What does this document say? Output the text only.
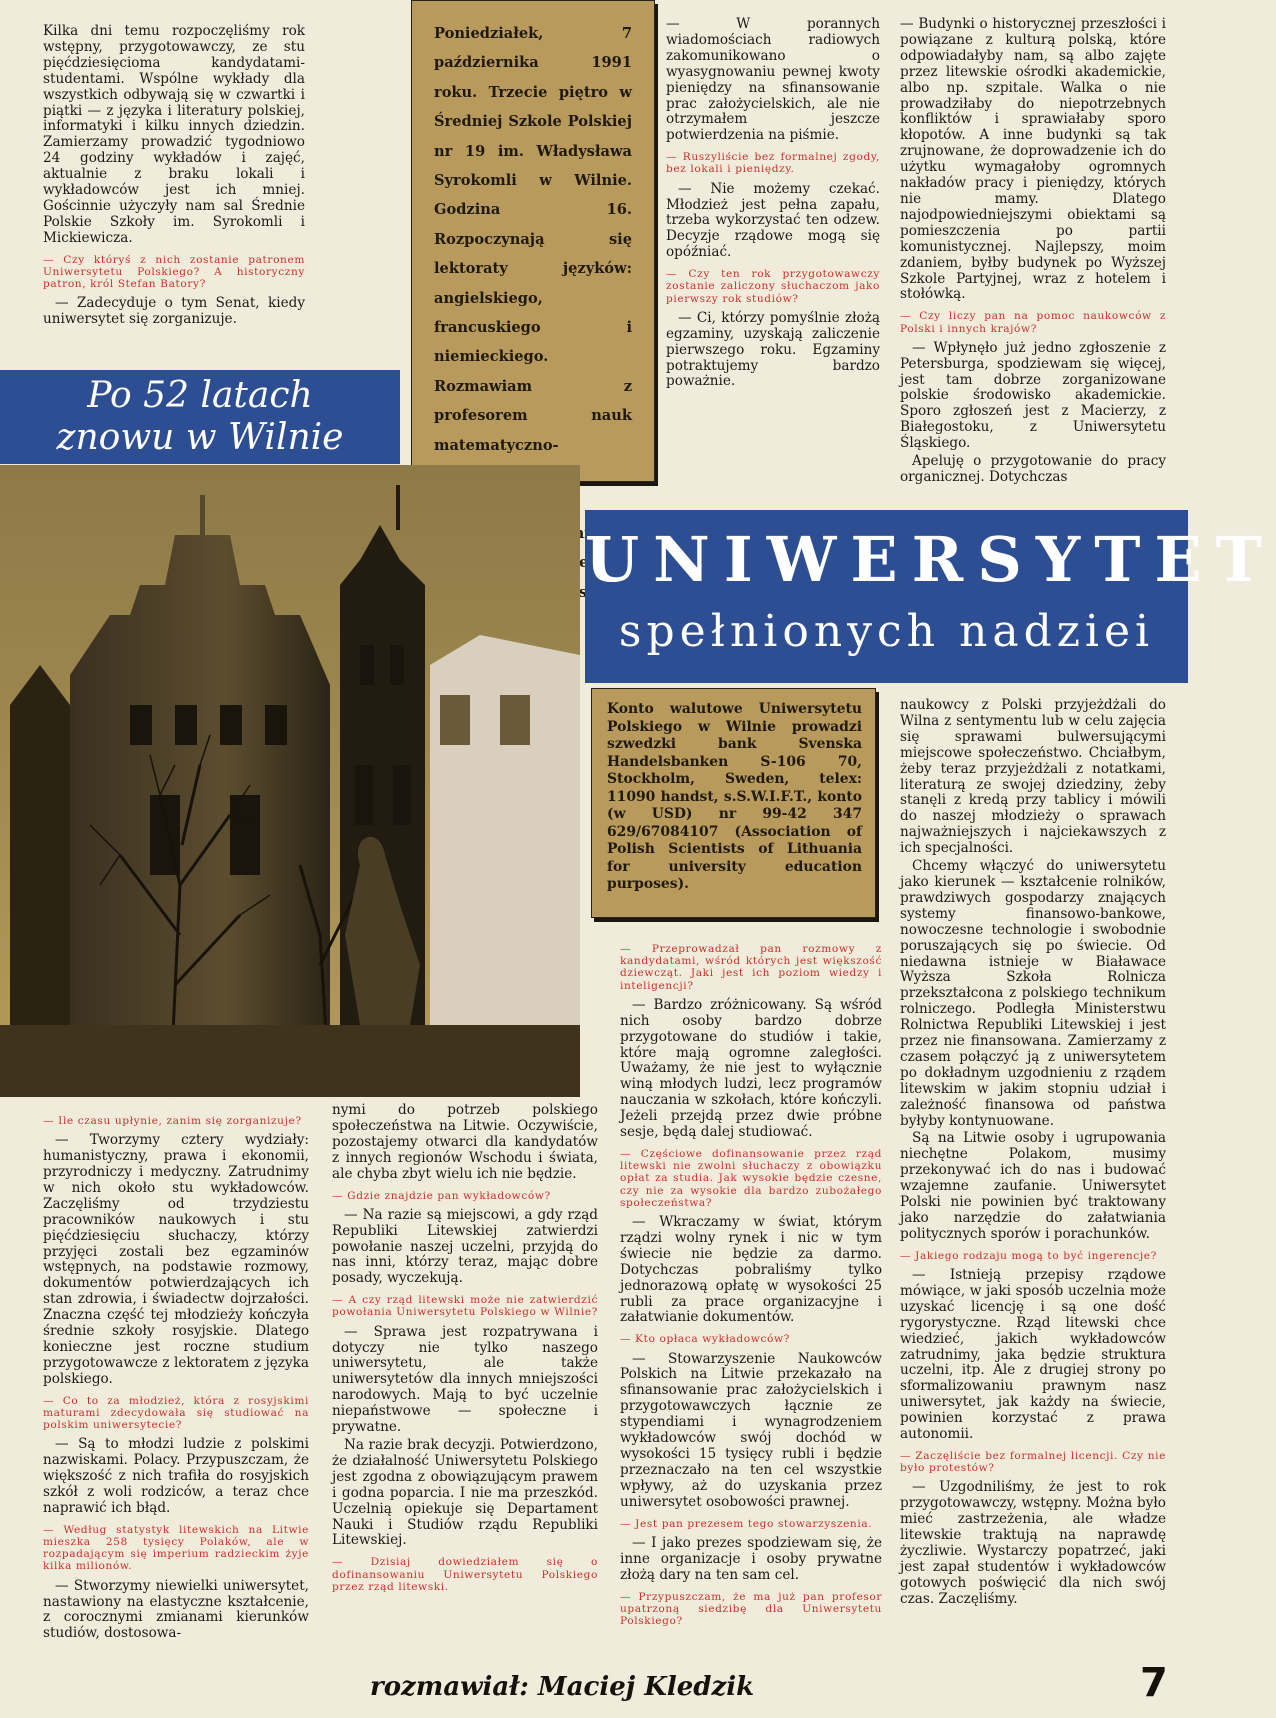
Kilka dni temu rozpoczęliśmy rok wstępny, przygotowawczy, ze stu pięćdziesięcioma kandydatami-studentami. Wspólne wykłady dla wszystkich odbywają się w czwartki i piątki — z języka i literatury polskiej, informatyki i kilku innych dziedzin. Zamierzamy prowadzić tygodniowo 24 godziny wykładów i zajęć, aktualnie z braku lokali i wykładowców jest ich mniej. Gościnnie użyczyły nam sal Średnie Polskie Szkoły im. Syrokomli i Mickiewicza.

— Czy któryś z nich zostanie patronem Uniwersytetu Polskiego? A historyczny patron, król Stefan Batory?

— Zadecyduje o tym Senat, kiedy uniwersytet się zorganizuje.

Po 52 latach
znowu w Wilnie
Poniedziałek, 7 października 1991 roku. Trzecie piętro w Średniej Szkole Polskiej nr 19 im. Władysława Syrokomli w Wilnie. Godzina 16. Rozpoczynają się lektoraty języków: angielskiego, francuskiego i niemieckiego. Rozmawiam z profesorem nauk matematyczno-

— W porannych wiadomościach radiowych zakomunikowano o wyasygnowaniu pewnej kwoty pieniędzy na sfinansowanie prac założycielskich, ale nie otrzymałem jeszcze potwierdzenia na piśmie.

— Ruszyliście bez formalnej zgody, bez lokali i pieniędzy.

— Nie możemy czekać. Młodzież jest pełna zapału, trzeba wykorzystać ten odzew. Decyzje rządowe mogą się opóźniać.

— Czy ten rok przygotowawczy zostanie zaliczony słuchaczom jako pierwszy rok studiów?

— Ci, którzy pomyślnie złożą egzaminy, uzyskają zaliczenie pierwszego roku. Egzaminy potraktujemy bardzo poważnie.

— Budynki o historycznej przeszłości i powiązane z kulturą polską, które odpowiadałyby nam, są albo zajęte przez litewskie ośrodki akademickie, albo np. szpitale. Walka o nie prowadziłaby do niepotrzebnych konfliktów i sprawiałaby sporo kłopotów. A inne budynki są tak zrujnowane, że doprowadzenie ich do użytku wymagałoby ogromnych nakładów pracy i pieniędzy, których nie mamy. Dlatego najodpowiedniejszymi obiektami są pomieszczenia po partii komunistycznej. Najlepszy, moim zdaniem, byłby budynek po Wyższej Szkole Partyjnej, wraz z hotelem i stołówką.

— Czy liczy pan na pomoc naukowców z Polski i innych krajów?

— Wpłynęło już jedno zgłoszenie z Petersburga, spodziewam się więcej, jest tam dobrze zorganizowane polskie środowisko akademickie. Sporo zgłoszeń jest z Macierzy, z Białegostoku, z Uniwersytetu Śląskiego.

Apeluję o przygotowanie do pracy organicznej. Dotychczas

UNIWERSYTET
spełnionych nadziei
Konto walutowe Uniwersytetu Polskiego w Wilnie prowadzi szwedzki bank Svenska Handelsbanken S-106 70, Stockholm, Sweden, telex: 11090 handst, s.S.W.I.F.T., konto (w USD) nr 99-42 347 629/67084107 (Association of Polish Scientists of Lithuania for university education purposes).

naukowcy z Polski przyjeżdżali do Wilna z sentymentu lub w celu zajęcia się sprawami bulwersującymi miejscowe społeczeństwo. Chciałbym, żeby teraz przyjeżdżali z notatkami, literaturą ze swojej dziedziny, żeby stanęli z kredą przy tablicy i mówili do naszej młodzieży o sprawach najważniejszych i najciekawszych z ich specjalności.

Chcemy włączyć do uniwersytetu jako kierunek — kształcenie rolników, prawdziwych gospodarzy znających systemy finansowo-bankowe, nowoczesne technologie i swobodnie poruszających się po świecie. Od niedawna istnieje w Białawace Wyższa Szkoła Rolnicza przekształcona z polskiego technikum rolniczego. Podległa Ministerstwu Rolnictwa Republiki Litewskiej i jest przez nie finansowana. Zamierzamy z czasem połączyć ją z uniwersytetem po dokładnym uzgodnieniu z rządem litewskim w jakim stopniu udział i zależność finansowa od państwa byłyby kontynuowane.

Są na Litwie osoby i ugrupowania niechętne Polakom, musimy przekonywać ich do nas i budować wzajemne zaufanie. Uniwersytet Polski nie powinien być traktowany jako narzędzie do załatwiania politycznych sporów i porachunków.

— Jakiego rodzaju mogą to być ingerencje?

— Istnieją przepisy rządowe mówiące, w jaki sposób uczelnia może uzyskać licencję i są one dość rygorystyczne. Rząd litewski chce wiedzieć, jakich wykładowców zatrudnimy, jaka będzie struktura uczelni, itp. Ale z drugiej strony po sformalizowaniu prawnym nasz uniwersytet, jak każdy na świecie, powinien korzystać z prawa autonomii.

— Zaczęliście bez formalnej licencji. Czy nie było protestów?

— Uzgodniliśmy, że jest to rok przygotowawczy, wstępny. Można było mieć zastrzeżenia, ale władze litewskie traktują na naprawdę życzliwie. Wystarczy popatrzeć, jaki jest zapał studentów i wykładowców gotowych poświęcić dla nich swój czas. Zaczęliśmy.

— Przeprowadzał pan rozmowy z kandydatami, wśród których jest większość dziewcząt. Jaki jest ich poziom wiedzy i inteligencji?

— Bardzo zróżnicowany. Są wśród nich osoby bardzo dobrze przygotowane do studiów i takie, które mają ogromne zaległości. Uważamy, że nie jest to wyłącznie winą młodych ludzi, lecz programów nauczania w szkołach, które kończyli. Jeżeli przejdą przez dwie próbne sesje, będą dalej studiować.

— Częściowe dofinansowanie przez rząd litewski nie zwolni słuchaczy z obowiązku opłat za studia. Jak wysokie będzie czesne, czy nie za wysokie dla bardzo zubożałego społeczeństwa?

— Wkraczamy w świat, którym rządzi wolny rynek i nic w tym świecie nie będzie za darmo. Dotychczas pobraliśmy tylko jednorazową opłatę w wysokości 25 rubli za prace organizacyjne i załatwianie dokumentów.

— Kto opłaca wykładowców?

— Stowarzyszenie Naukowców Polskich na Litwie przekazało na sfinansowanie prac założycielskich i przygotowawczych łącznie ze stypendiami i wynagrodzeniem wykładowców swój dochód w wysokości 15 tysięcy rubli i będzie przeznaczało na ten cel wszystkie wpływy, aż do uzyskania przez uniwersytet osobowości prawnej.

— Jest pan prezesem tego stowarzyszenia.

— I jako prezes spodziewam się, że inne organizacje i osoby prywatne złożą dary na ten sam cel.

— Przypuszczam, że ma już pan profesor upatrzoną siedzibę dla Uniwersytetu Polskiego?

— Ile czasu upłynie, zanim się zorganizuje?

— Tworzymy cztery wydziały: humanistyczny, prawa i ekonomii, przyrodniczy i medyczny. Zatrudnimy w nich około stu wykładowców. Zaczęliśmy od trzydziestu pracowników naukowych i stu pięćdziesięciu słuchaczy, którzy przyjęci zostali bez egzaminów wstępnych, na podstawie rozmowy, dokumentów potwierdzających ich stan zdrowia, i świadectw dojrzałości. Znaczna część tej młodzieży kończyła średnie szkoły rosyjskie. Dlatego konieczne jest roczne studium przygotowawcze z lektoratem z języka polskiego.

— Co to za młodzież, która z rosyjskimi maturami zdecydowała się studiować na polskim uniwersytecie?

— Są to młodzi ludzie z polskimi nazwiskami. Polacy. Przypuszczam, że większość z nich trafiła do rosyjskich szkół z woli rodziców, a teraz chce naprawić ich błąd.

— Według statystyk litewskich na Litwie mieszka 258 tysięcy Polaków, ale w rozpadającym się imperium radzieckim żyje kilka milionów.

— Stworzymy niewielki uniwersytet, nastawiony na elastyczne kształcenie, z corocznymi zmianami kierunków studiów, dostosowa-

nymi do potrzeb polskiego społeczeństwa na Litwie. Oczywiście, pozostajemy otwarci dla kandydatów z innych regionów Wschodu i świata, ale chyba zbyt wielu ich nie będzie.

— Gdzie znajdzie pan wykładowców?

— Na razie są miejscowi, a gdy rząd Republiki Litewskiej zatwierdzi powołanie naszej uczelni, przyjdą do nas inni, którzy teraz, mając dobre posady, wyczekują.

— A czy rząd litewski może nie zatwierdzić powołania Uniwersytetu Polskiego w Wilnie?

— Sprawa jest rozpatrywana i dotyczy nie tylko naszego uniwersytetu, ale także uniwersytetów dla innych mniejszości narodowych. Mają to być uczelnie niepaństwowe — społeczne i prywatne.

Na razie brak decyzji. Potwierdzono, że działalność Uniwersytetu Polskiego jest zgodna z obowiązującym prawem i godna poparcia. I nie ma przeszkód. Uczelnią opiekuje się Departament Nauki i Studiów rządu Republiki Litewskiej.

— Dzisiaj dowiedziałem się o dofinansowaniu Uniwersytetu Polskiego przez rząd litewski.

rozmawiał: Maciej Kledzik	7
